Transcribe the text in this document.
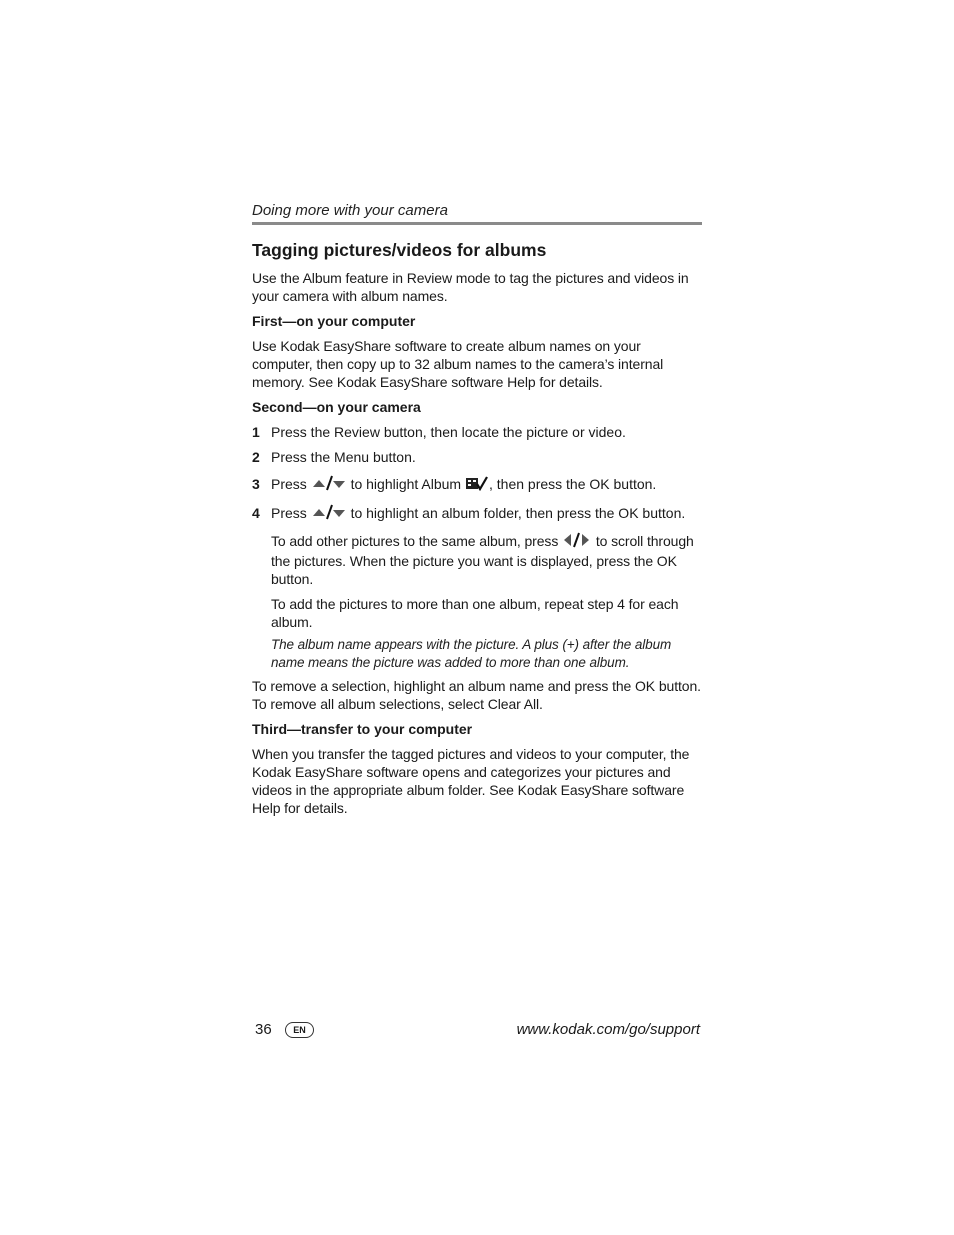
Doing more with your camera
Tagging pictures/videos for albums

Use the Album feature in Review mode to tag the pictures and videos in your camera with album names.

First—on your computer

Use Kodak EasyShare software to create album names on your computer, then copy up to 32 album names to the camera’s internal memory. See Kodak EasyShare software Help for details.

Second—on your camera
1 Press the Review button, then locate the picture or video.
2 Press the Menu button.
3 Press	to highlight Album , then press the OK button.
4 Press	to highlight an album folder, then press the OK button.

To add other pictures to the same album, press	to scroll through the pictures. When the picture you want is displayed, press the OK button.

To add the pictures to more than one album, repeat step 4 for each album.

The album name appears with the picture. A plus (+) after the album name means the picture was added to more than one album.

To remove a selection, highlight an album name and press the OK button. To remove all album selections, select Clear All.

Third—transfer to your computer

When you transfer the tagged pictures and videos to your computer, the Kodak EasyShare software opens and categorizes your pictures and videos in the appropriate album folder. See Kodak EasyShare software Help for details.

36	EN	www.kodak.com/go/support
